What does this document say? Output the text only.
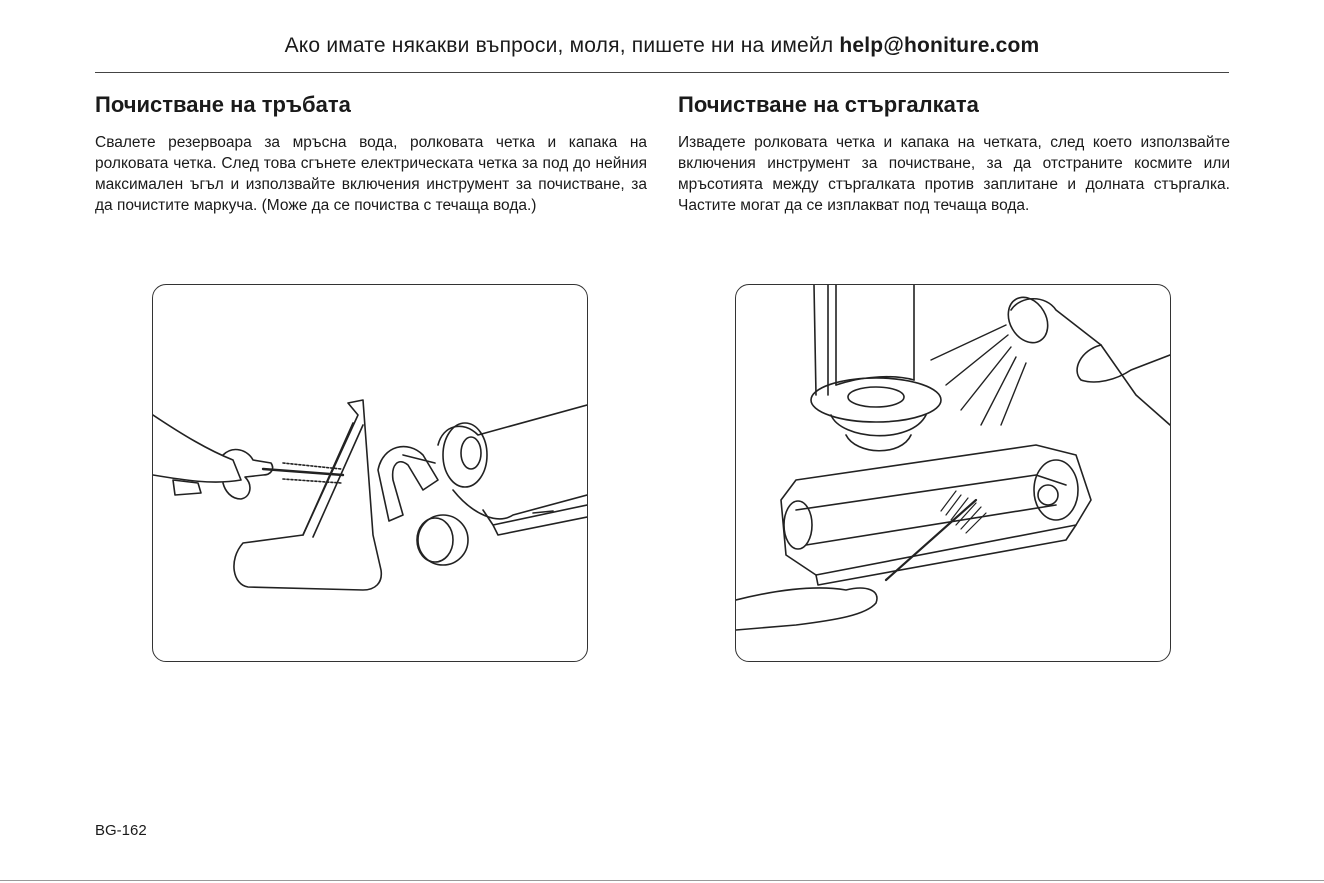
Ако имате някакви въпроси, моля, пишете ни на имейл help@honiture.com
Почистване на тръбата

Свалете резервоара за мръсна вода, ролковата четка и капака на ролковата четка. След това сгънете електрическата четка за под до нейния максимален ъгъл и използвайте включения инструмент за почистване, за да почистите маркуча. (Може да се почиства с течаща вода.)

Почистване на стъргалката

Извадете ролковата четка и капака на четката, след което използвайте включения инструмент за почистване, за да отстраните космите или мръсотията между стъргалката против заплитане и долната стъргалка. Частите могат да се изплакват под течаща вода.

BG-162
